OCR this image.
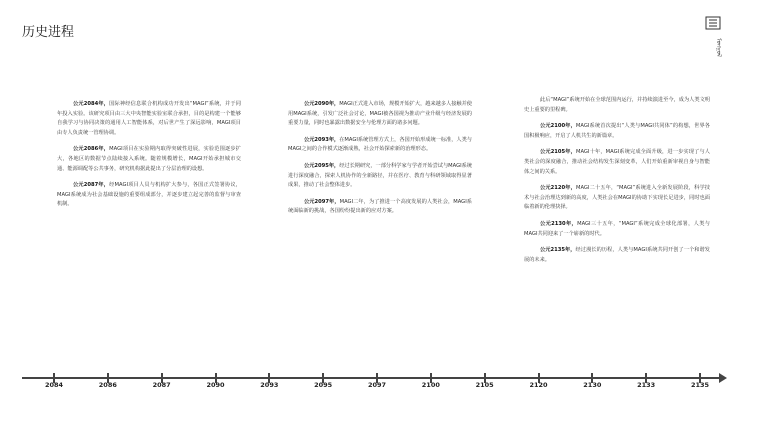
历史进程
ᠮᠣᠩᠭᠣᠯ

公元2084年，国际神经信息联合机构成功开发出“MAGI”系统，并于同年投入实验。该研究项目由三大中央智能实验室联合承担，目的是构建一个能够自我学习与协同决策的通用人工智能体系，对后世产生了深远影响，MAGI项目由专人负责统一管理协调。

公元2086年，MAGI项目在实验期内取得突破性进展，实验范围逐步扩大，各地区的数据节点陆续接入系统。随着规模增长，MAGI开始承担城市交通、能源调配等公共事务，研究机构据此提出了分层治理的设想。

公元2087年，经MAGI项目人员与机构扩大参与，各国正式签署协议，MAGI系统成为社会基础设施的重要组成部分，并逐步建立起完善的监督与审查机制。

公元2090年，MAGI正式进入市场，规模开始扩大，越来越多人接触并使用MAGI系统，引发广泛社会讨论，MAGI被各国视为推动产业升级与经济发展的重要力量，同时也暴露出数据安全与伦理方面的诸多问题。

公元2093年，在MAGI系统管理方式上，各国开始形成统一标准，人类与MAGI之间的合作模式逐渐成熟，社会开始探索新的治理形态。

公元2095年，经过长期研究，一部分科学家与学者开始尝试与MAGI系统进行深度融合，探索人机协作的全新路径，并在医疗、教育与科研领域取得显著成果，推动了社会整体进步。

公元2097年，MAGI二年，为了推进一个高度发展的人类社会，MAGI系统面临新的挑战，各国纷纷提出新的应对方案。

此后“MAGI”系统开始在全球范围内运行，并持续演进至今，成为人类文明史上重要的里程碑。

公元2100年，MAGI系统首次提出“人类与MAGI共同体”的构想，世界各国积极响应，开启了人机共生的新篇章。

公元2105年，MAGI十年，MAGI系统完成全面升级，进一步实现了与人类社会的深度融合，推动社会结构发生深刻变革，人们开始重新审视自身与智能体之间的关系。

公元2120年，MAGI二十五年，“MAGI”系统进入全新发展阶段，科学技术与社会治理达到新的高度，人类社会在MAGI的协助下实现长足进步，同时也面临着新的伦理抉择。

公元2130年，MAGI三十五年，“MAGI”系统完成全球化部署，人类与MAGI共同迎来了一个崭新的时代。

公元2135年，经过漫长的历程，人类与MAGI系统共同开创了一个和谐发展的未来。

2084	2086	2087	2090	2093	2095	2097	2100	2105	2120	2130	2133	2135
